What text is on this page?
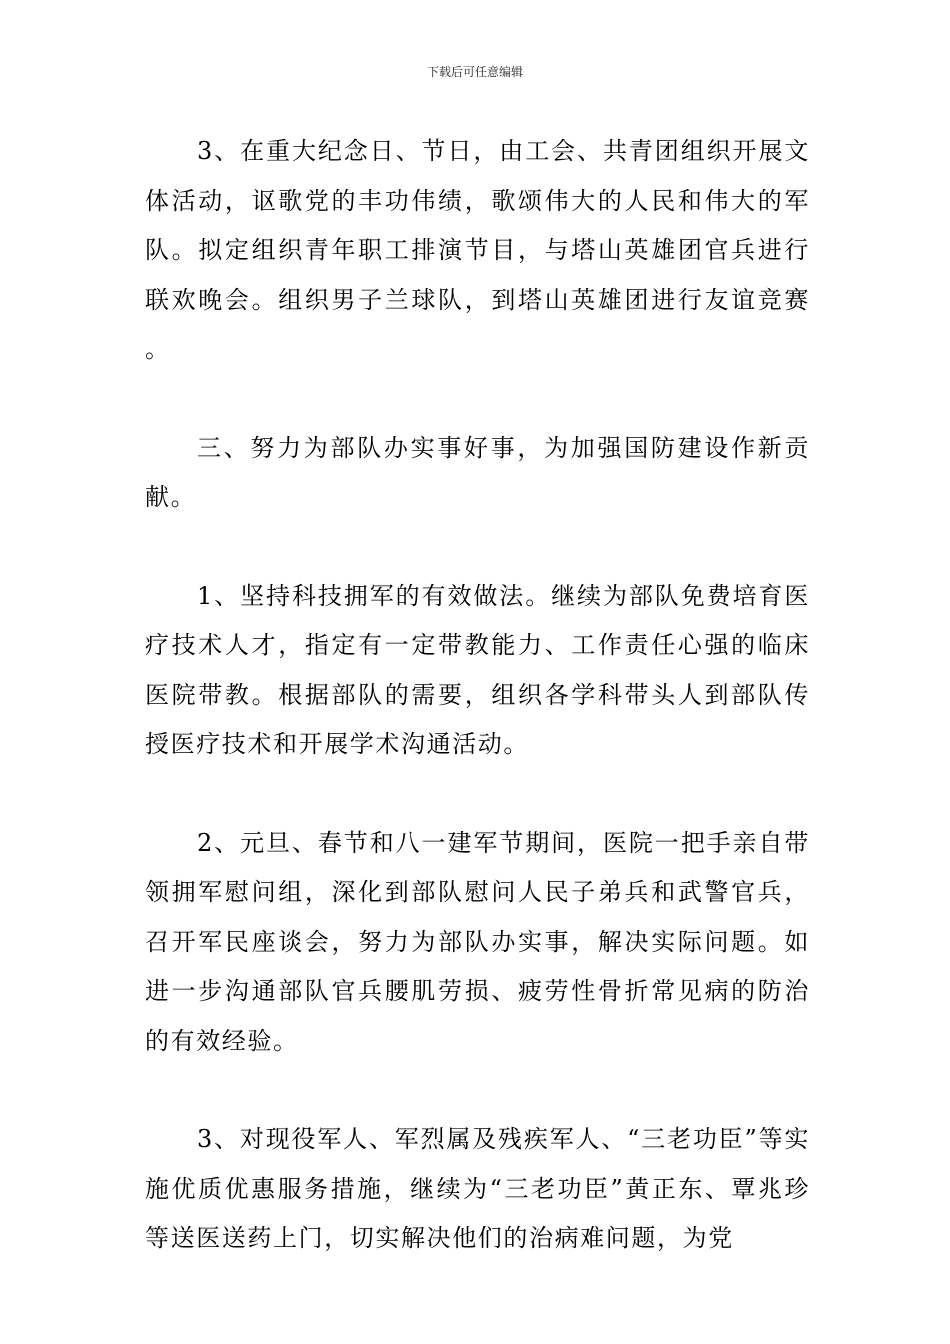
下载后可任意编辑

3、在重大纪念日、节日，由工会、共青团组织开展文体活动，讴歌党的丰功伟绩，歌颂伟大的人民和伟大的军队。拟定组织青年职工排演节目，与塔山英雄团官兵进行联欢晚会。组织男子兰球队，到塔山英雄团进行友谊竞赛。

三、努力为部队办实事好事，为加强国防建设作新贡献。

1、坚持科技拥军的有效做法。继续为部队免费培育医疗技术人才，指定有一定带教能力、工作责任心强的临床医院带教。根据部队的需要，组织各学科带头人到部队传授医疗技术和开展学术沟通活动。

2、元旦、春节和八一建军节期间，医院一把手亲自带领拥军慰问组，深化到部队慰问人民子弟兵和武警官兵，召开军民座谈会，努力为部队办实事，解决实际问题。如进一步沟通部队官兵腰肌劳损、疲劳性骨折常见病的防治的有效经验。

3、对现役军人、军烈属及残疾军人、“三老功臣”等实施优质优惠服务措施，继续为“三老功臣”黄正东、覃兆珍等送医送药上门，切实解决他们的治病难问题，为党
